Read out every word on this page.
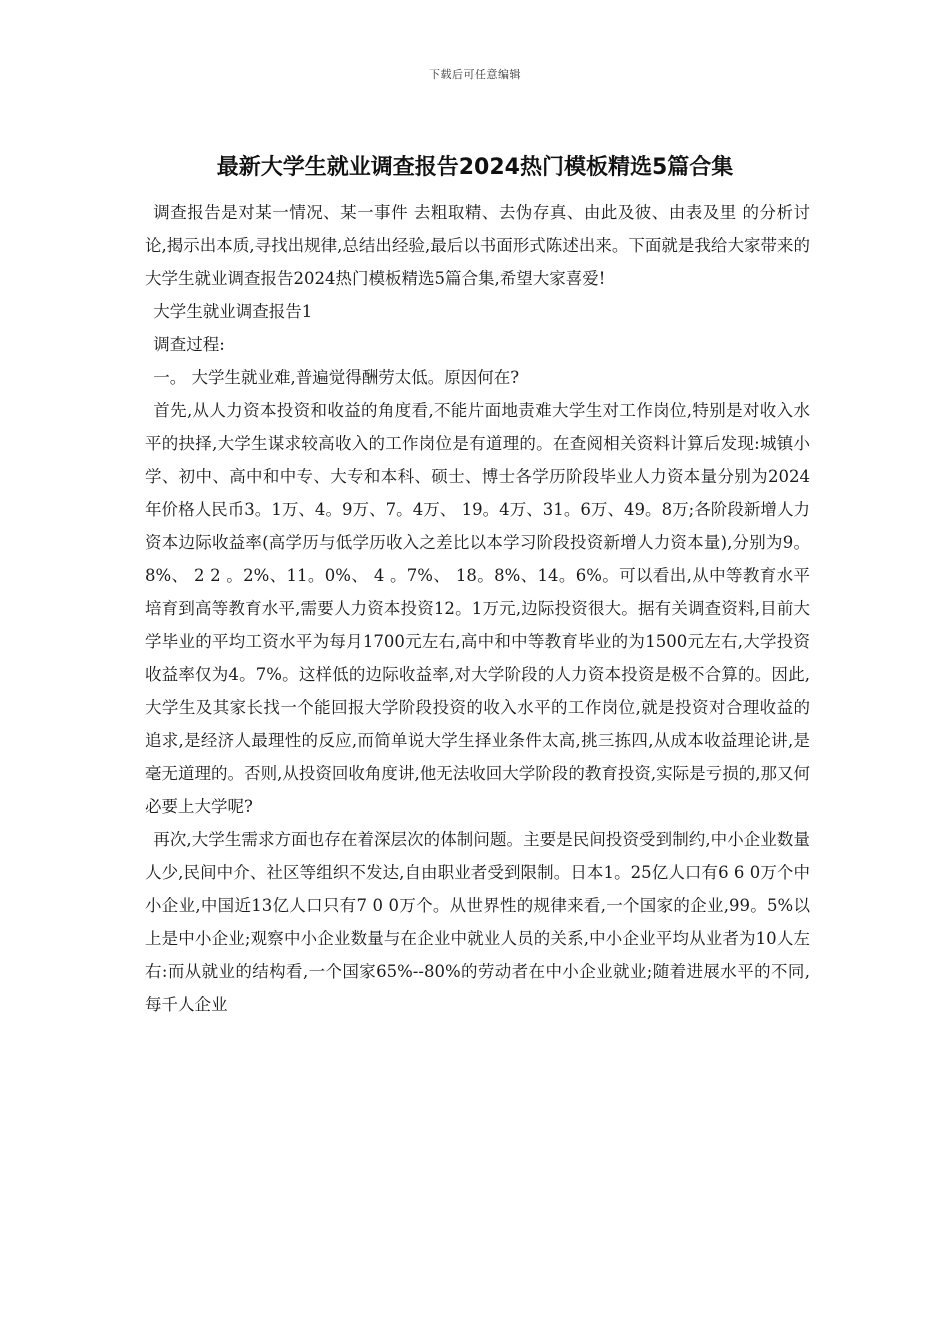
下载后可任意编辑
最新大学生就业调查报告2024热门模板精选5篇合集

调查报告是对某一情况、某一事件 去粗取精、去伪存真、由此及彼、由表及里 的分析讨论,揭示出本质,寻找出规律,总结出经验,最后以书面形式陈述出来。下面就是我给大家带来的大学生就业调查报告2024热门模板精选5篇合集,希望大家喜爱!

大学生就业调查报告1

调查过程:

一。 大学生就业难,普遍觉得酬劳太低。原因何在?

首先,从人力资本投资和收益的角度看,不能片面地责难大学生对工作岗位,特别是对收入水平的抉择,大学生谋求较高收入的工作岗位是有道理的。在查阅相关资料计算后发现:城镇小学、初中、高中和中专、大专和本科、硕士、博士各学历阶段毕业人力资本量分别为2024年价格人民币3。1万、4。9万、7。4万、 19。4万、31。6万、49。8万;各阶段新增人力资本边际收益率(高学历与低学历收入之差比以本学习阶段投资新增人力资本量),分别为9。8%、 2 2 。2%、11。0%、 4 。7%、 18。8%、14。6%。可以看出,从中等教育水平培育到高等教育水平,需要人力资本投资12。1万元,边际投资很大。据有关调查资料,目前大学毕业的平均工资水平为每月1700元左右,高中和中等教育毕业的为1500元左右,大学投资收益率仅为4。7%。这样低的边际收益率,对大学阶段的人力资本投资是极不合算的。因此,大学生及其家长找一个能回报大学阶段投资的收入水平的工作岗位,就是投资对合理收益的追求,是经济人最理性的反应,而简单说大学生择业条件太高,挑三拣四,从成本收益理论讲,是毫无道理的。否则,从投资回收角度讲,他无法收回大学阶段的教育投资,实际是亏损的,那又何必要上大学呢?

再次,大学生需求方面也存在着深层次的体制问题。主要是民间投资受到制约,中小企业数量人少,民间中介、社区等组织不发达,自由职业者受到限制。日本1。25亿人口有6 6 0万个中小企业,中国近13亿人口只有7 0 0万个。从世界性的规律来看,一个国家的企业,99。5%以上是中小企业;观察中小企业数量与在企业中就业人员的关系,中小企业平均从业者为10人左右:而从就业的结构看,一个国家65%--80%的劳动者在中小企业就业;随着进展水平的不同,每千人企业
